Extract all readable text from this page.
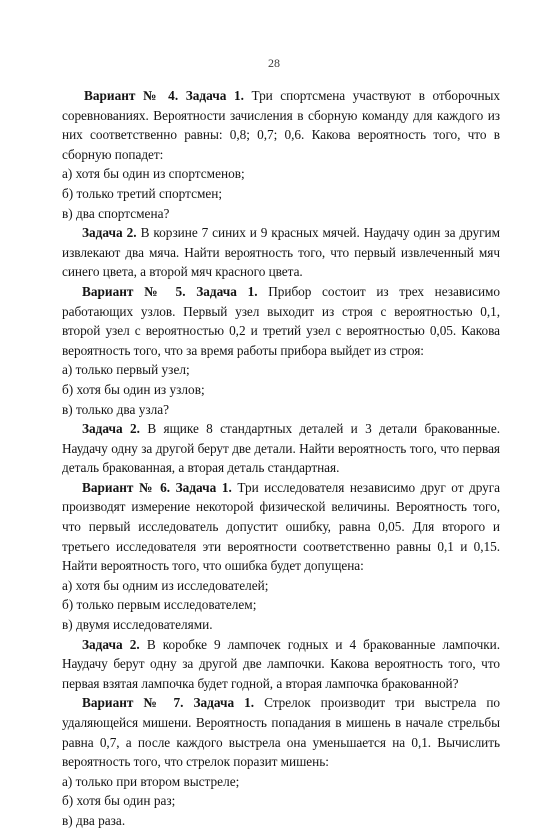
28

Вариант № 4. Задача 1. Три спортсмена участвуют в отборочных соревнованиях. Вероятности зачисления в сборную команду для каждого из них соответственно равны: 0,8; 0,7; 0,6. Какова вероятность того, что в сборную попадет:

а) хотя бы один из спортсменов;

б) только третий спортсмен;

в) два спортсмена?

Задача 2. В корзине 7 синих и 9 красных мячей. Наудачу один за другим извлекают два мяча. Найти вероятность того, что первый извлеченный мяч синего цвета, а второй мяч красного цвета.

Вариант № 5. Задача 1. Прибор состоит из трех независимо работающих узлов. Первый узел выходит из строя с вероятностью 0,1, второй узел с вероятностью 0,2 и третий узел с вероятностью 0,05. Какова вероятность того, что за время работы прибора выйдет из строя:

а) только первый узел;

б) хотя бы один из узлов;

в) только два узла?

Задача 2. В ящике 8 стандартных деталей и 3 детали бракованные. Наудачу одну за другой берут две детали. Найти вероятность того, что первая деталь бракованная, а вторая деталь стандартная.

Вариант № 6. Задача 1. Три исследователя независимо друг от друга производят измерение некоторой физической величины. Вероятность того, что первый исследователь допустит ошибку, равна 0,05. Для второго и третьего исследователя эти вероятности соответственно равны 0,1 и 0,15. Найти вероятность того, что ошибка будет допущена:

а) хотя бы одним из исследователей;

б) только первым исследователем;

в) двумя исследователями.

Задача 2. В коробке 9 лампочек годных и 4 бракованные лампочки. Наудачу берут одну за другой две лампочки. Какова вероятность того, что первая взятая лампочка будет годной, а вторая лампочка бракованной?

Вариант № 7. Задача 1. Стрелок производит три выстрела по удаляющейся мишени. Вероятность попадания в мишень в начале стрельбы равна 0,7, а после каждого выстрела она уменьшается на 0,1. Вычислить вероятность того, что стрелок поразит мишень:

а) только при втором выстреле;

б) хотя бы один раз;

в) два раза.
